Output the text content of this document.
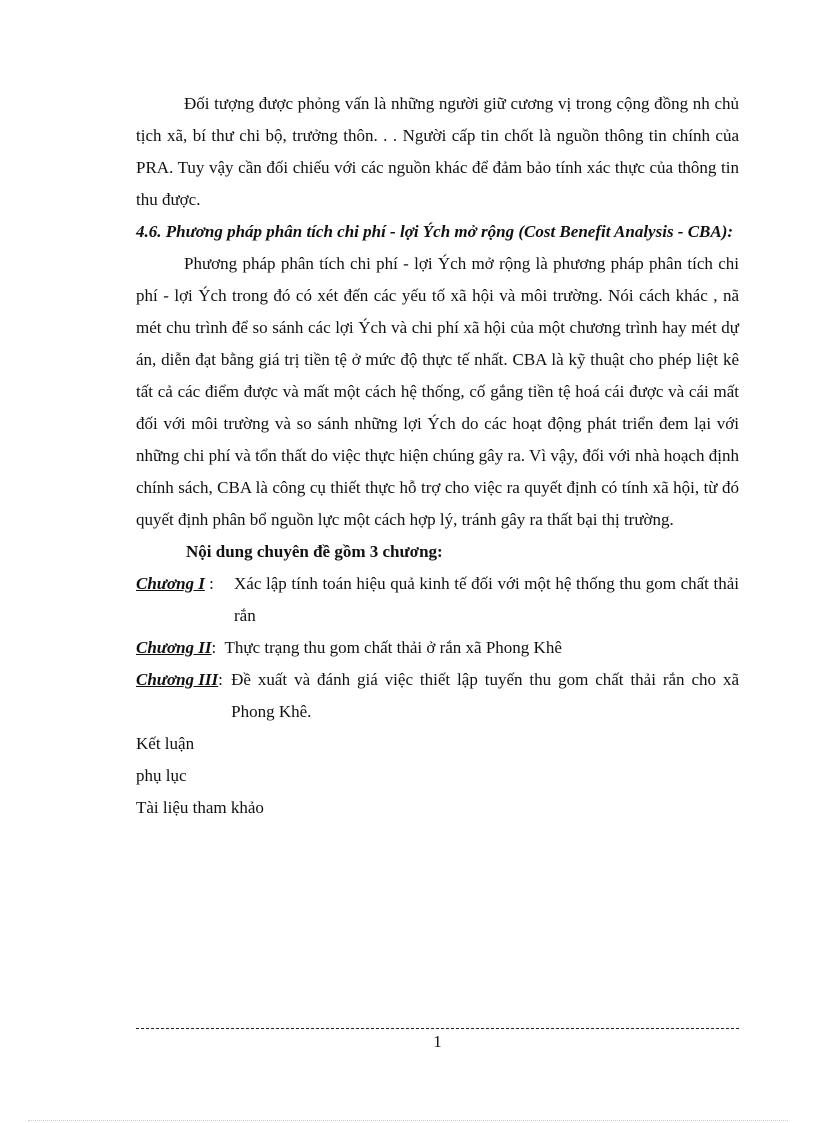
Đối tượng được phỏng vấn là những người giữ cương vị trong cộng đồng nh chủ tịch xã, bí thư chi bộ, trưởng thôn. . . Người cấp tin chốt là nguồn thông tin chính của PRA. Tuy vậy cần đối chiếu với các nguồn khác để đảm bảo tính xác thực của thông tin thu được.

4.6. Phương pháp phân tích chi phí - lợi Ých mở rộng (Cost Benefit Analysis - CBA):

Phương pháp phân tích chi phí - lợi Ých mở rộng là phương pháp phân tích chi phí - lợi Ých trong đó có xét đến các yếu tố xã hội và môi trường. Nói cách khác , nã mét chu trình để so sánh các lợi Ých và chi phí xã hội của một chương trình hay mét dự án, diễn đạt bằng giá trị tiền tệ ở mức độ thực tế nhất. CBA là kỹ thuật cho phép liệt kê tất cả các điểm được và mất một cách hệ thống, cố gắng tiền tệ hoá cái được và cái mất đối với môi trường và so sánh những lợi Ých do các hoạt động phát triển đem lại với những chi phí và tổn thất do việc thực hiện chúng gây ra. Vì vậy, đối với nhà hoạch định chính sách, CBA là công cụ thiết thực hỗ trợ cho việc ra quyết định có tính xã hội, từ đó quyết định phân bổ nguồn lực một cách hợp lý, tránh gây ra thất bại thị trường.

Nội dung chuyên đề gồm 3 chương:

Chương I : Xác lập tính toán hiệu quả kinh tế đối với một hệ thống thu gom chất thải rắn
Chương II: Thực trạng thu gom chất thải ở rắn xã Phong Khê
Chương III: Đề xuất và đánh giá việc thiết lập tuyến thu gom chất thải rắn cho xã Phong Khê.

Kết luận

phụ lục

Tài liệu tham khảo

1
